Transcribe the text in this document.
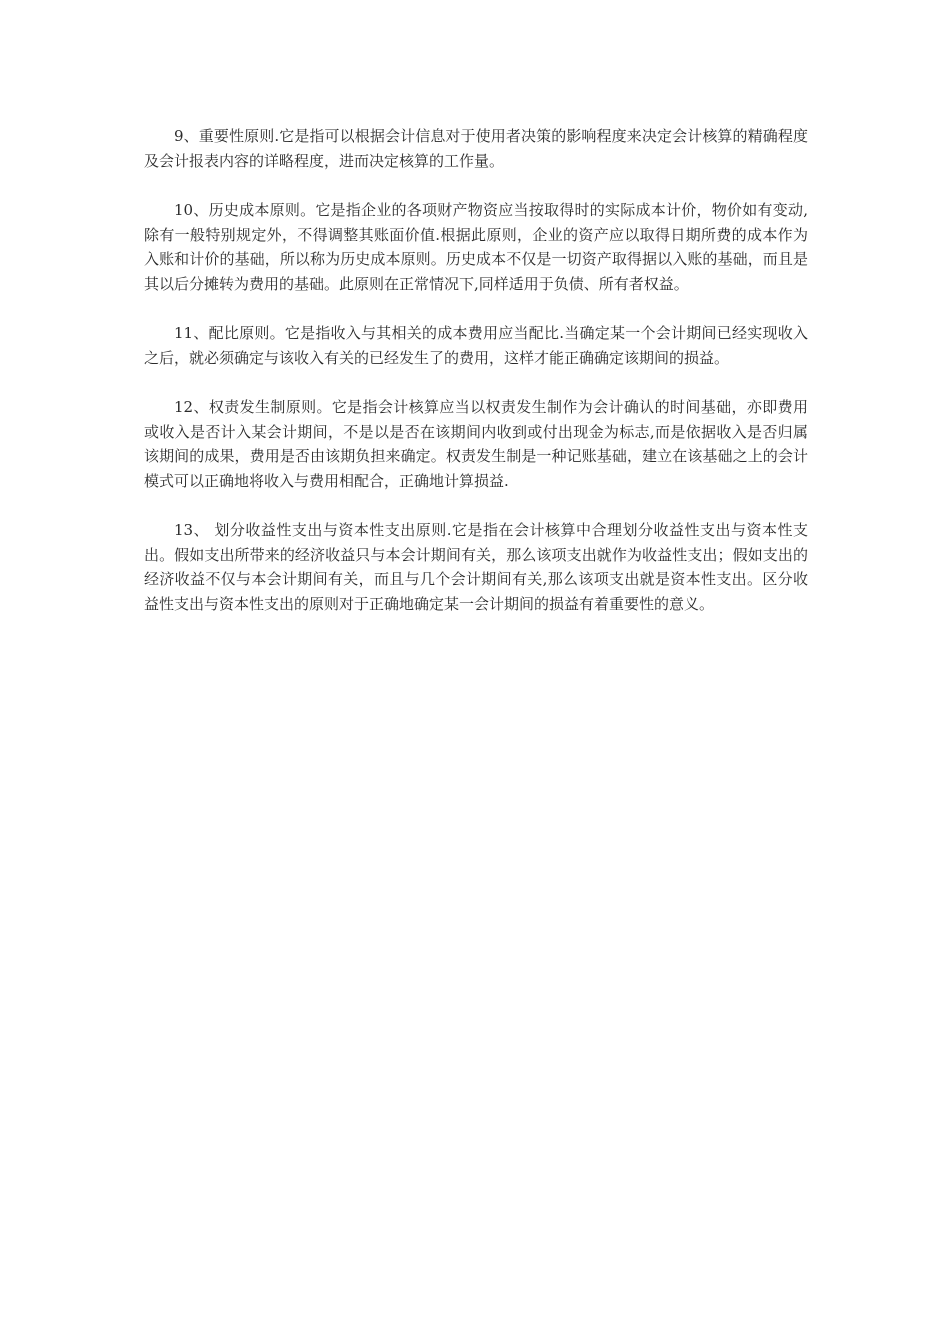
9、重要性原则.它是指可以根据会计信息对于使用者决策的影响程度来决定会计核算的精确程度及会计报表内容的详略程度，进而决定核算的工作量。

10、历史成本原则。它是指企业的各项财产物资应当按取得时的实际成本计价，物价如有变动,除有一般特别规定外，不得调整其账面价值.根据此原则，企业的资产应以取得日期所费的成本作为入账和计价的基础，所以称为历史成本原则。历史成本不仅是一切资产取得据以入账的基础，而且是其以后分摊转为费用的基础。此原则在正常情况下,同样适用于负债、所有者权益。

11、配比原则。它是指收入与其相关的成本费用应当配比.当确定某一个会计期间已经实现收入之后，就必须确定与该收入有关的已经发生了的费用，这样才能正确确定该期间的损益。

12、权责发生制原则。它是指会计核算应当以权责发生制作为会计确认的时间基础，亦即费用或收入是否计入某会计期间，不是以是否在该期间内收到或付出现金为标志,而是依据收入是否归属该期间的成果，费用是否由该期负担来确定。权责发生制是一种记账基础，建立在该基础之上的会计模式可以正确地将收入与费用相配合，正确地计算损益.

13、 划分收益性支出与资本性支出原则.它是指在会计核算中合理划分收益性支出与资本性支出。假如支出所带来的经济收益只与本会计期间有关，那么该项支出就作为收益性支出；假如支出的经济收益不仅与本会计期间有关，而且与几个会计期间有关,那么该项支出就是资本性支出。区分收益性支出与资本性支出的原则对于正确地确定某一会计期间的损益有着重要性的意义。
